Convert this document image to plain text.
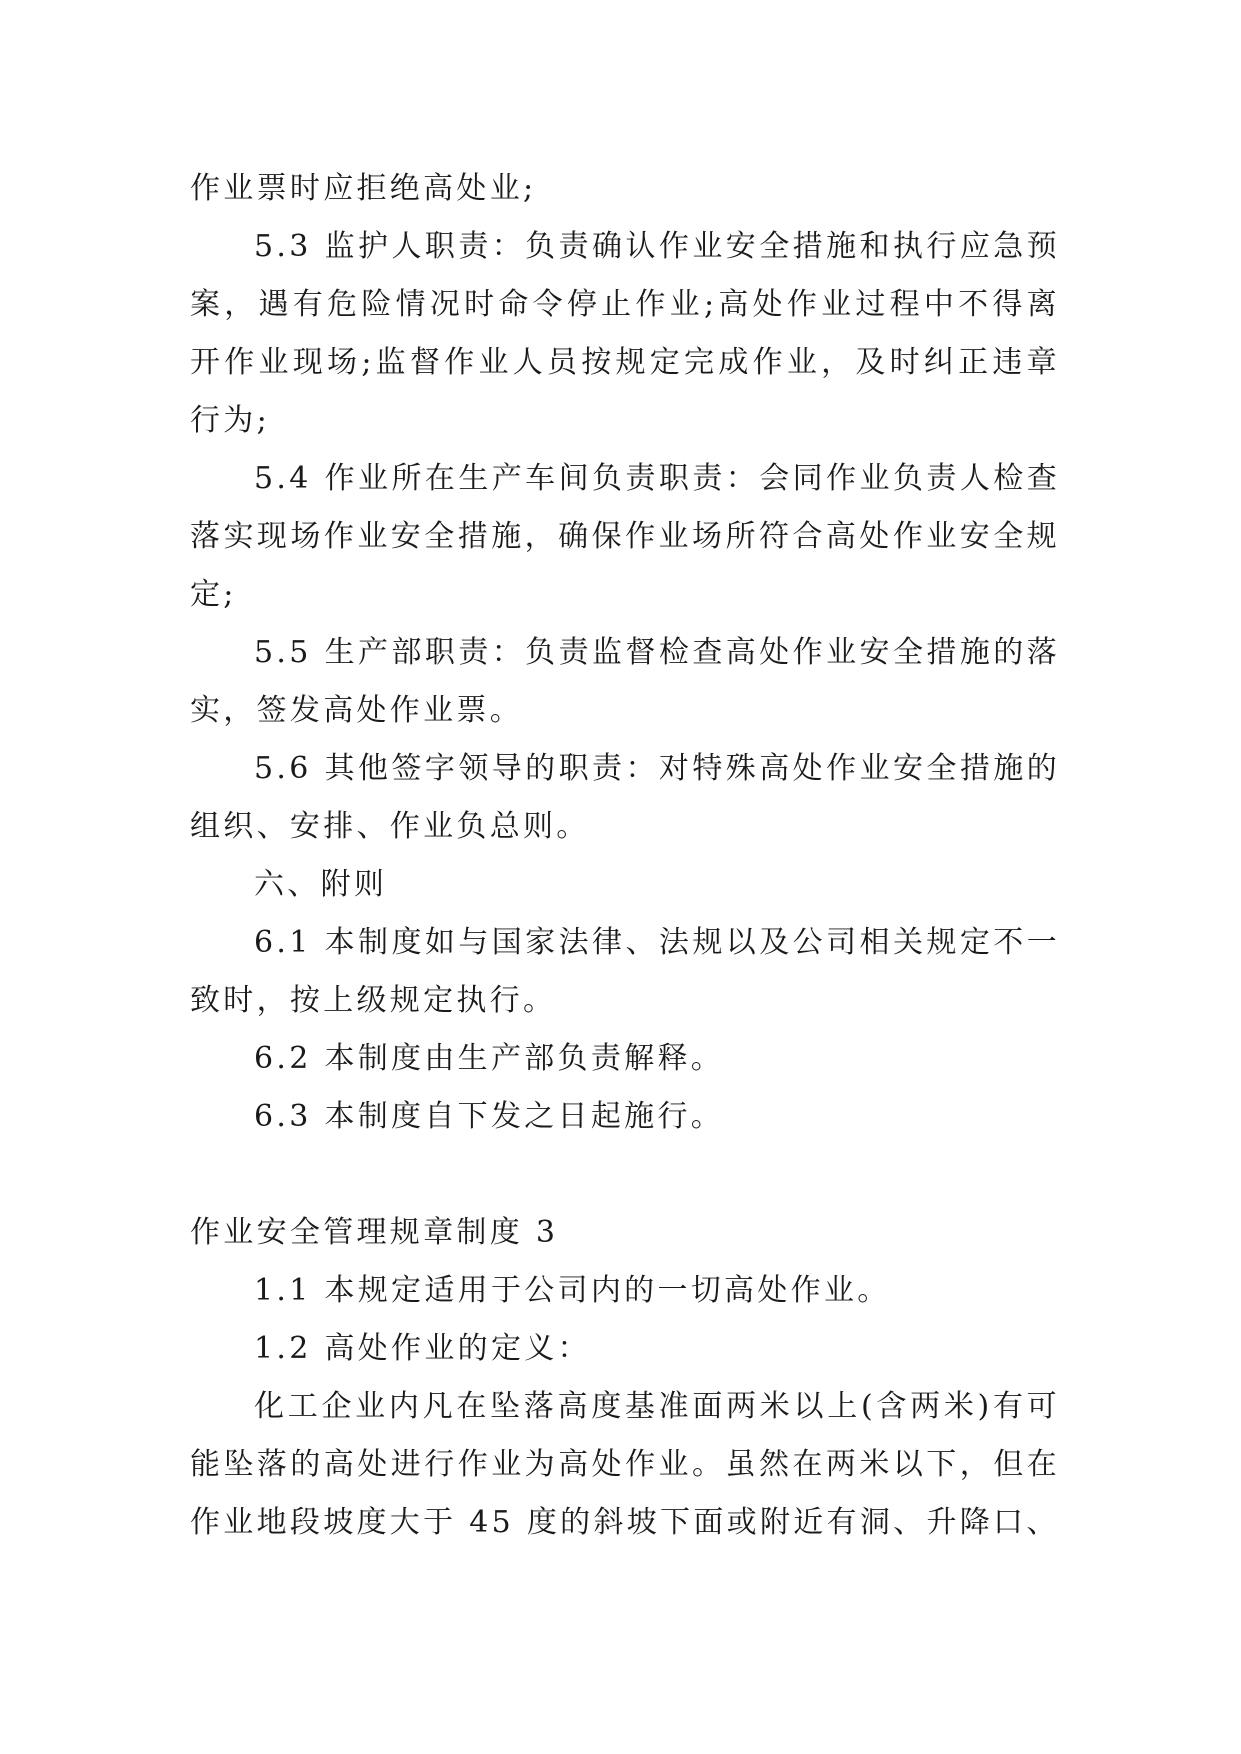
作业票时应拒绝高处业;

5.3 监护人职责：负责确认作业安全措施和执行应急预案，遇有危险情况时命令停止作业;高处作业过程中不得离开作业现场;监督作业人员按规定完成作业，及时纠正违章行为;

5.4 作业所在生产车间负责职责：会同作业负责人检查落实现场作业安全措施，确保作业场所符合高处作业安全规定;

5.5 生产部职责：负责监督检查高处作业安全措施的落实，签发高处作业票。

5.6 其他签字领导的职责：对特殊高处作业安全措施的组织、安排、作业负总则。

六、附则

6.1 本制度如与国家法律、法规以及公司相关规定不一致时，按上级规定执行。

6.2 本制度由生产部负责解释。

6.3 本制度自下发之日起施行。

作业安全管理规章制度 3

1.1 本规定适用于公司内的一切高处作业。

1.2 高处作业的定义：

化工企业内凡在坠落高度基准面两米以上(含两米)有可能坠落的高处进行作业为高处作业。虽然在两米以下，但在作业地段坡度大于 45 度的斜坡下面或附近有洞、升降口、
